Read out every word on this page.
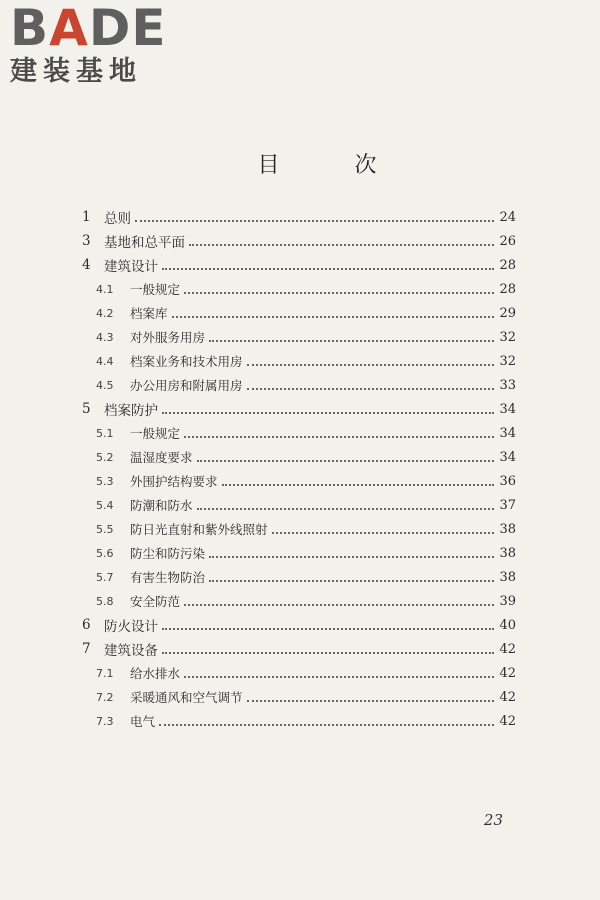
B A DE
建装基地
目 次
1 总则	24
3 基地和总平面	26
4 建筑设计	28
4.1	一般规定	28
4.2	档案库	29
4.3	对外服务用房	32
4.4	档案业务和技术用房	32
4.5	办公用房和附属用房	33
5 档案防护	34
5.1	一般规定	34
5.2	温湿度要求	34
5.3	外围护结构要求	36
5.4	防潮和防水	37
5.5	防日光直射和紫外线照射	38
5.6	防尘和防污染	38
5.7	有害生物防治	38
5.8	安全防范	39
6 防火设计	40
7 建筑设备	42
7.1	给水排水	42
7.2	采暖通风和空气调节	42
7.3	电气	42
23
